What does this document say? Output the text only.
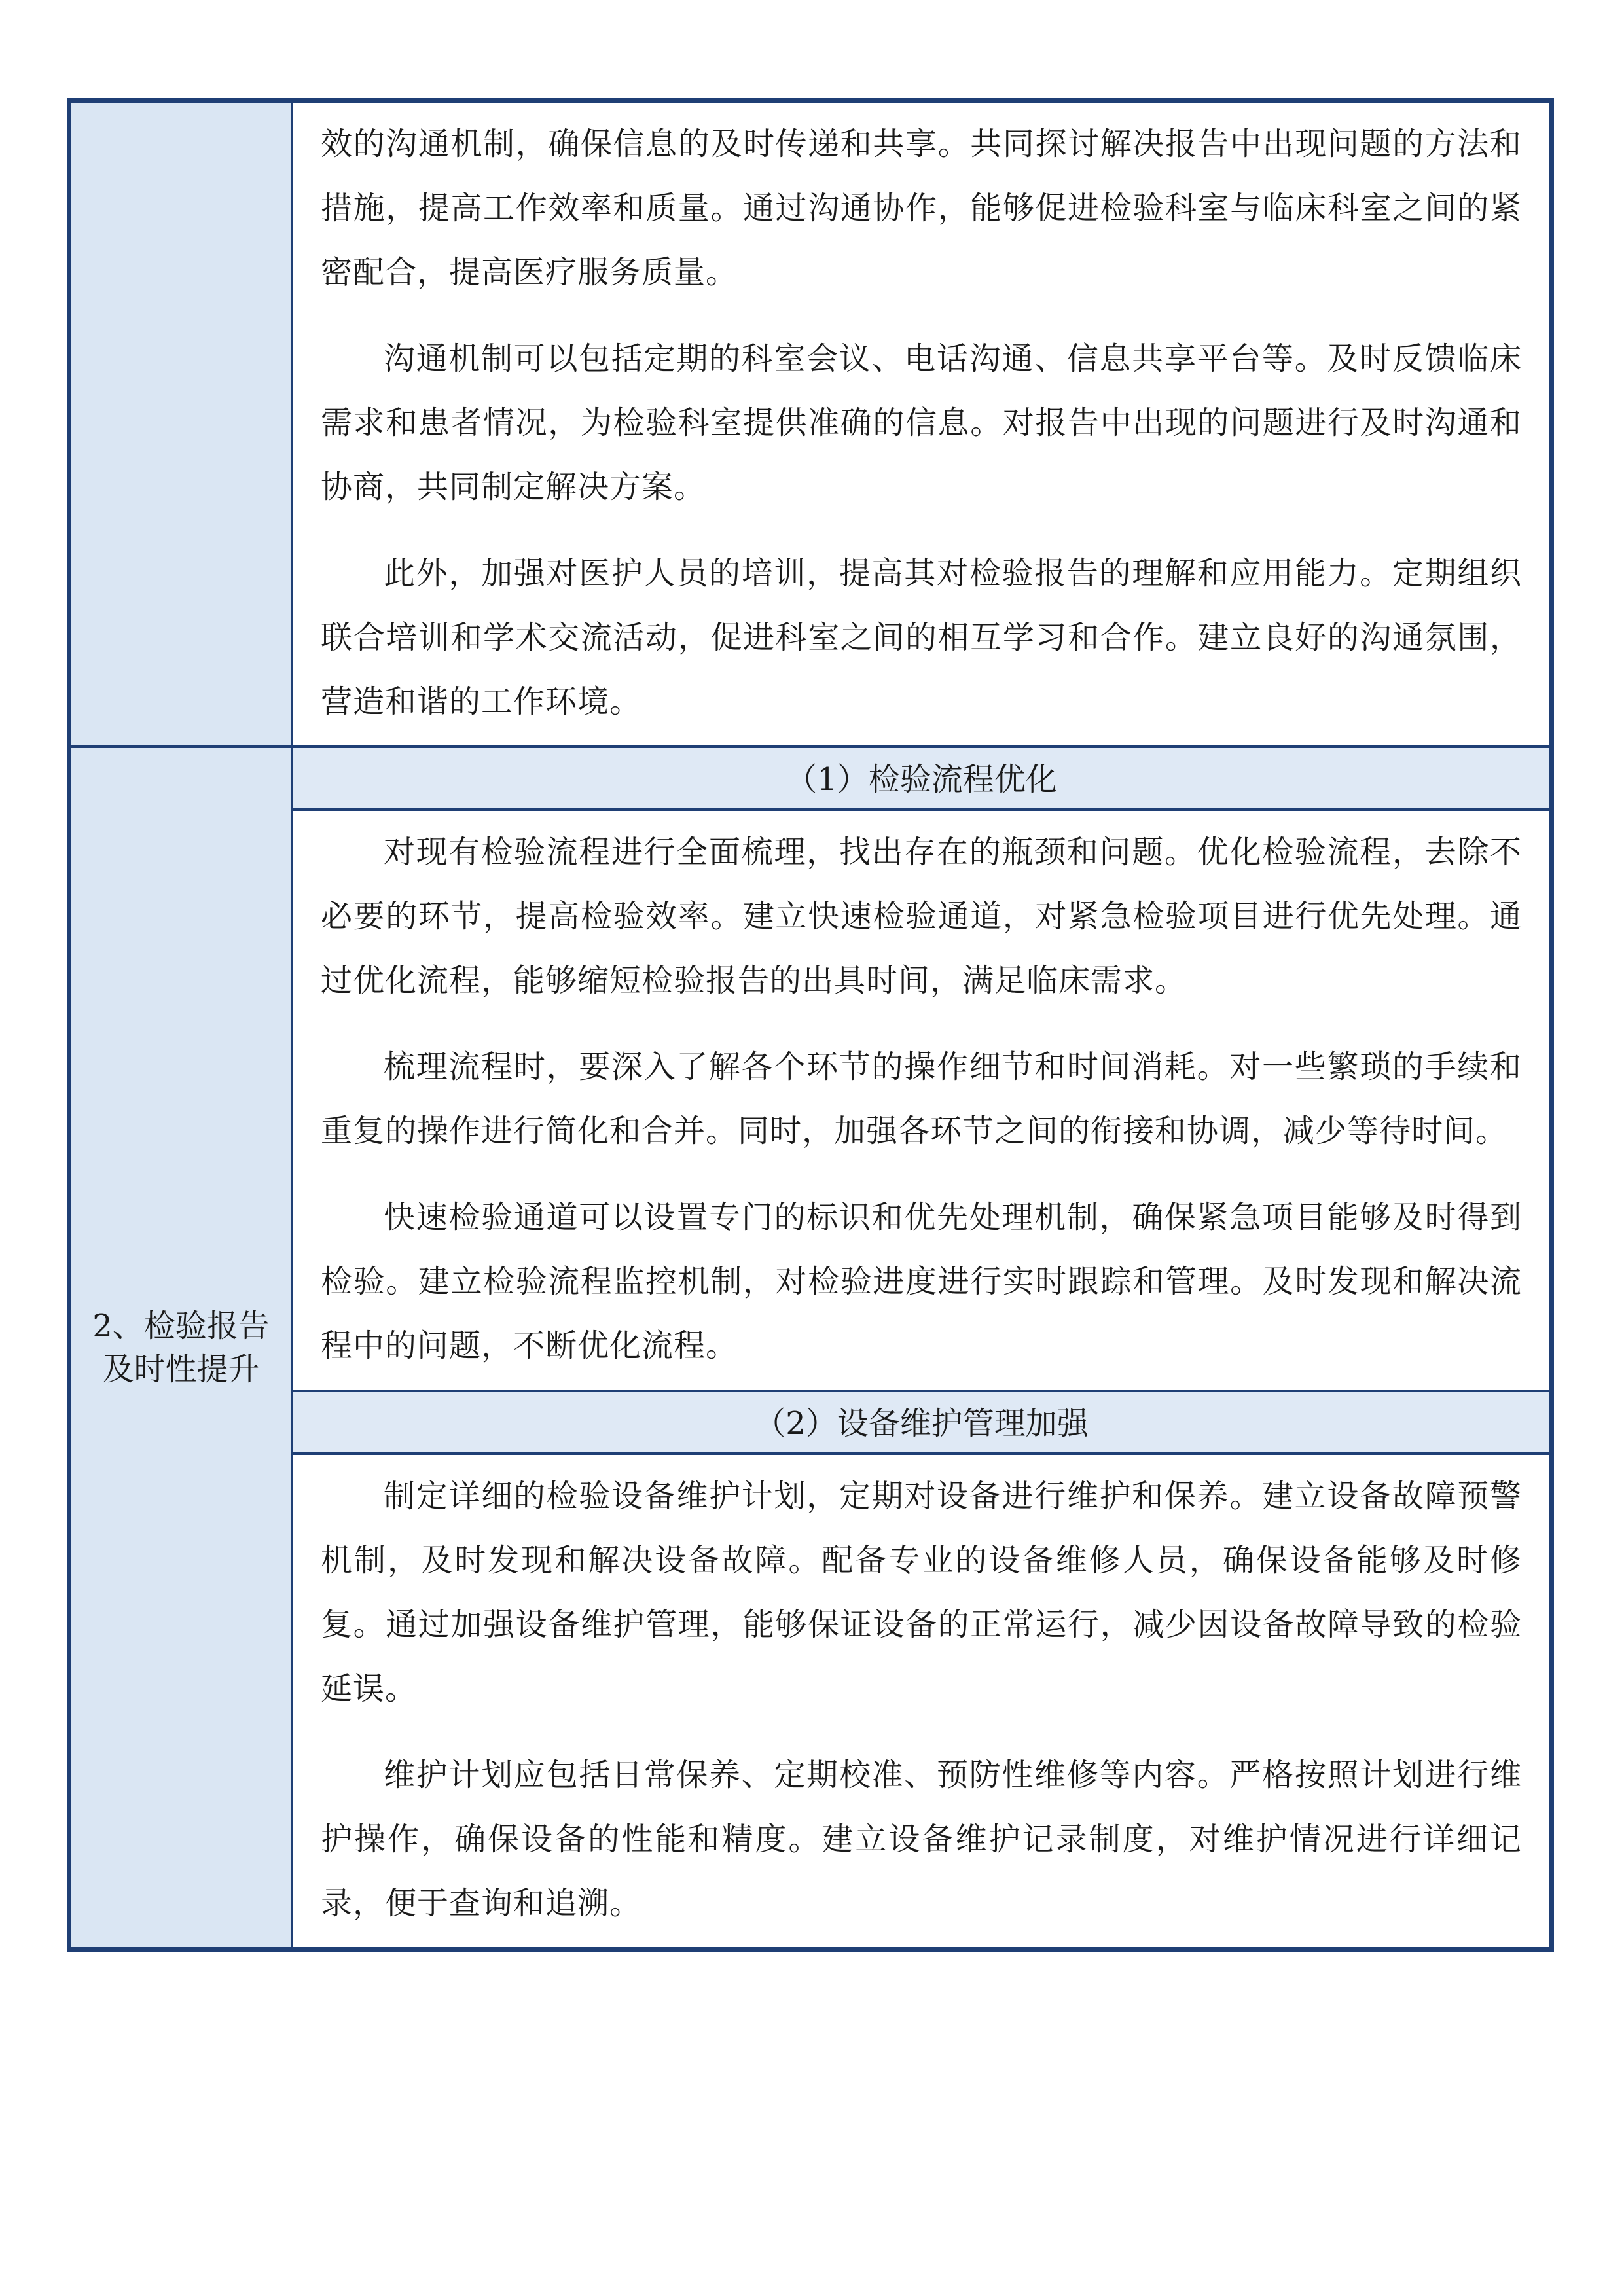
	效的沟通机制，确保信息的及时传递和共享。共同探讨解决报告中出现问题的方法和措施，提高工作效率和质量。通过沟通协作，能够促进检验科室与临床科室之间的紧密配合，提高医疗服务质量。

沟通机制可以包括定期的科室会议、电话沟通、信息共享平台等。及时反馈临床需求和患者情况，为检验科室提供准确的信息。对报告中出现的问题进行及时沟通和协商，共同制定解决方案。

此外，加强对医护人员的培训，提高其对检验报告的理解和应用能力。定期组织联合培训和学术交流活动，促进科室之间的相互学习和合作。建立良好的沟通氛围，营造和谐的工作环境。

2、检验报告及时性提升	（1）检验流程优化

	对现有检验流程进行全面梳理，找出存在的瓶颈和问题。优化检验流程，去除不必要的环节，提高检验效率。建立快速检验通道，对紧急检验项目进行优先处理。通过优化流程，能够缩短检验报告的出具时间，满足临床需求。

梳理流程时，要深入了解各个环节的操作细节和时间消耗。对一些繁琐的手续和重复的操作进行简化和合并。同时，加强各环节之间的衔接和协调，减少等待时间。

快速检验通道可以设置专门的标识和优先处理机制，确保紧急项目能够及时得到检验。建立检验流程监控机制，对检验进度进行实时跟踪和管理。及时发现和解决流程中的问题，不断优化流程。

	（2）设备维护管理加强

	制定详细的检验设备维护计划，定期对设备进行维护和保养。建立设备故障预警机制，及时发现和解决设备故障。配备专业的设备维修人员，确保设备能够及时修复。通过加强设备维护管理，能够保证设备的正常运行，减少因设备故障导致的检验延误。

维护计划应包括日常保养、定期校准、预防性维修等内容。严格按照计划进行维护操作，确保设备的性能和精度。建立设备维护记录制度，对维护情况进行详细记录，便于查询和追溯。
